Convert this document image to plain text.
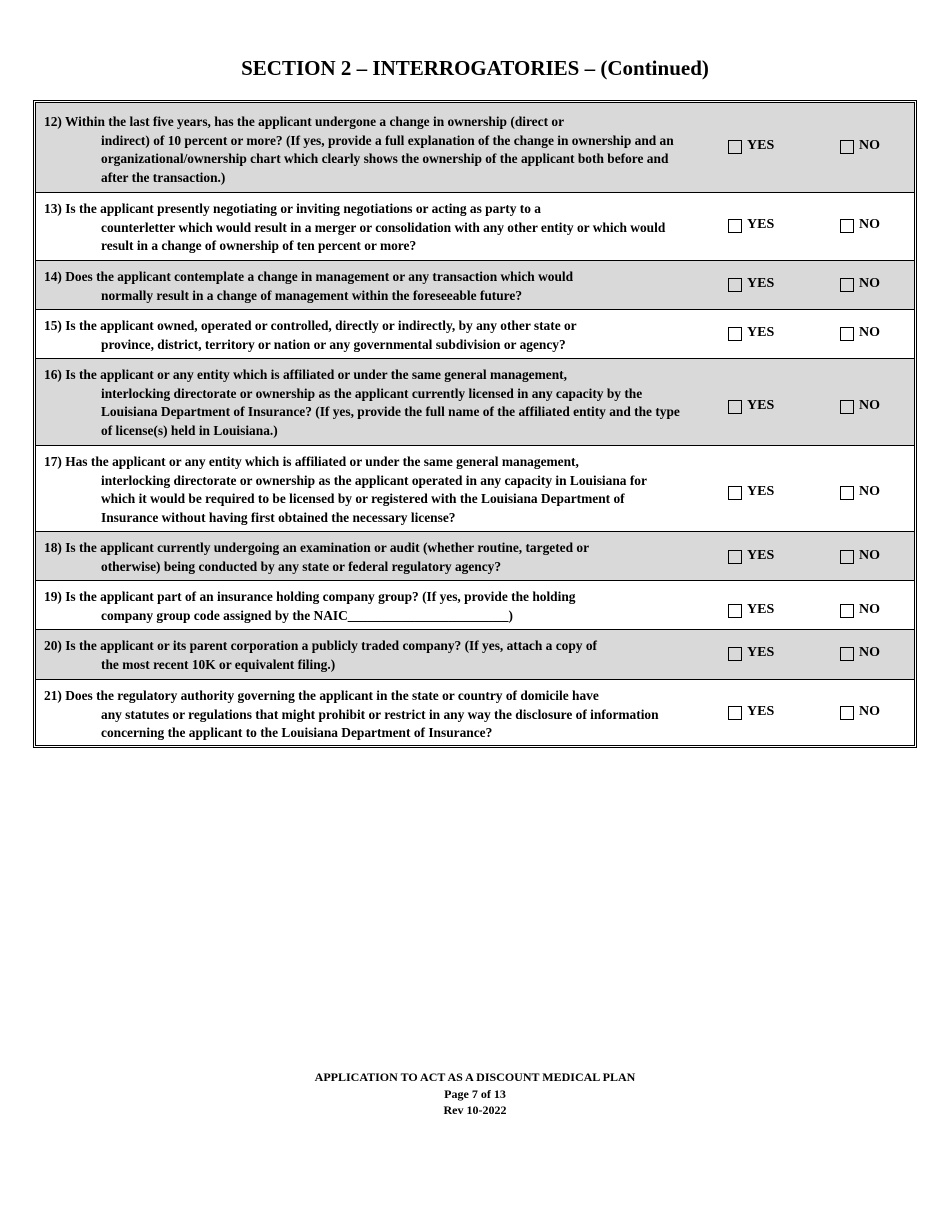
SECTION 2 – INTERROGATORIES – (Continued)
12) Within the last five years, has the applicant undergone a change in ownership (direct or
indirect) of 10 percent or more? (If yes, provide a full explanation of the change in ownership and an organizational/ownership chart which clearly shows the ownership of the applicant both before and after the transaction.)
YES	NO
13) Is the applicant presently negotiating or inviting negotiations or acting as party to a
counterletter which would result in a merger or consolidation with any other entity or which would result in a change of ownership of ten percent or more?
YES	NO
14) Does the applicant contemplate a change in management or any transaction which would
normally result in a change of management within the foreseeable future?
YES	NO
15) Is the applicant owned, operated or controlled, directly or indirectly, by any other state or
province, district, territory or nation or any governmental subdivision or agency?
YES	NO
16) Is the applicant or any entity which is affiliated or under the same general management,
interlocking directorate or ownership as the applicant currently licensed in any capacity by the Louisiana Department of Insurance? (If yes, provide the full name of the affiliated entity and the type of license(s) held in Louisiana.)
YES	NO
17) Has the applicant or any entity which is affiliated or under the same general management,
interlocking directorate or ownership as the applicant operated in any capacity in Louisiana for which it would be required to be licensed by or registered with the Louisiana Department of Insurance without having first obtained the necessary license?
YES	NO
18) Is the applicant currently undergoing an examination or audit (whether routine, targeted or
otherwise) being conducted by any state or federal regulatory agency?
YES	NO
19) Is the applicant part of an insurance holding company group? (If yes, provide the holding
company group code assigned by the NAIC________________________)	YES	NO
20) Is the applicant or its parent corporation a publicly traded company? (If yes, attach a copy of
the most recent 10K or equivalent filing.)
YES	NO
21) Does the regulatory authority governing the applicant in the state or country of domicile have
any statutes or regulations that might prohibit or restrict in any way the disclosure of information concerning the applicant to the Louisiana Department of Insurance?
YES	NO
APPLICATION TO ACT AS A DISCOUNT MEDICAL PLAN
Page 7 of 13
Rev 10-2022
